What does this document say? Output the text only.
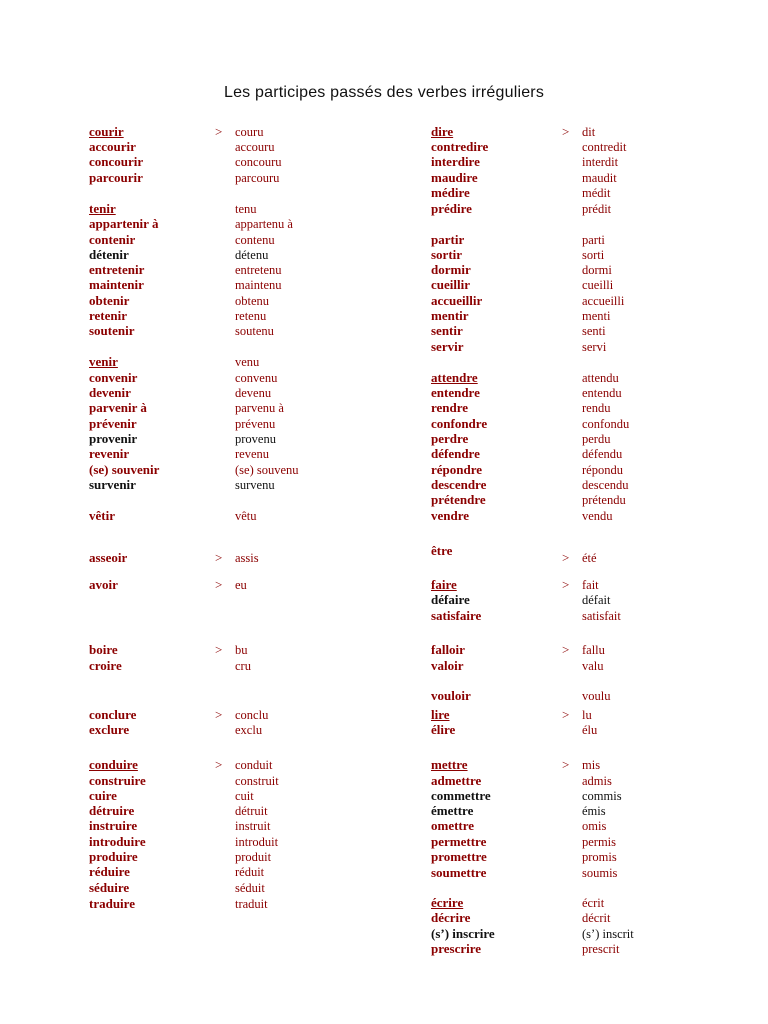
Les participes passés des verbes irréguliers
courir	> couru
accourir	accouru
concourir	concouru
parcourir	parcouru
tenir	tenu
appartenir à	appartenu à
contenir	contenu
détenir	détenu
entretenir	entretenu
maintenir	maintenu
obtenir	obtenu
retenir	retenu
soutenir	soutenu
venir	venu
convenir	convenu
devenir	devenu
parvenir à	parvenu à
prévenir	prévenu
provenir	provenu
revenir	revenu
(se) souvenir	(se) souvenu
survenir	survenu
vêtir	vêtu
asseoir	> assis
avoir	> eu
boire	> bu
croire	cru
conclure	> conclu
exclure	exclu
conduire	> conduit
construire	construit
cuire	cuit
détruire	détruit
instruire	instruit
introduire	introduit
produire	produit
réduire	réduit
séduire	séduit
traduire	traduit
dire	> dit
contredire	contredit
interdire	interdit
maudire	maudit
médire	médit
prédire	prédit
partir	parti
sortir	sorti
dormir	dormi
cueillir	cueilli
accueillir	accueilli
mentir	menti
sentir	senti
servir	servi
attendre	attendu
entendre	entendu
rendre	rendu
confondre	confondu
perdre	perdu
défendre	défendu
répondre	répondu
descendre	descendu
prétendre	prétendu
vendre	vendu
être	> été
faire	> fait
défaire	défait
satisfaire	satisfait
falloir	> fallu
valoir	valu
vouloir	voulu
lire	> lu
élire	élu
mettre	> mis
admettre	admis
commettre	commis
émettre	émis
omettre	omis
permettre	permis
promettre	promis
soumettre	soumis
écrire	écrit
décrire	décrit
(s’) inscrire	(s’) inscrit
prescrire	prescrit
